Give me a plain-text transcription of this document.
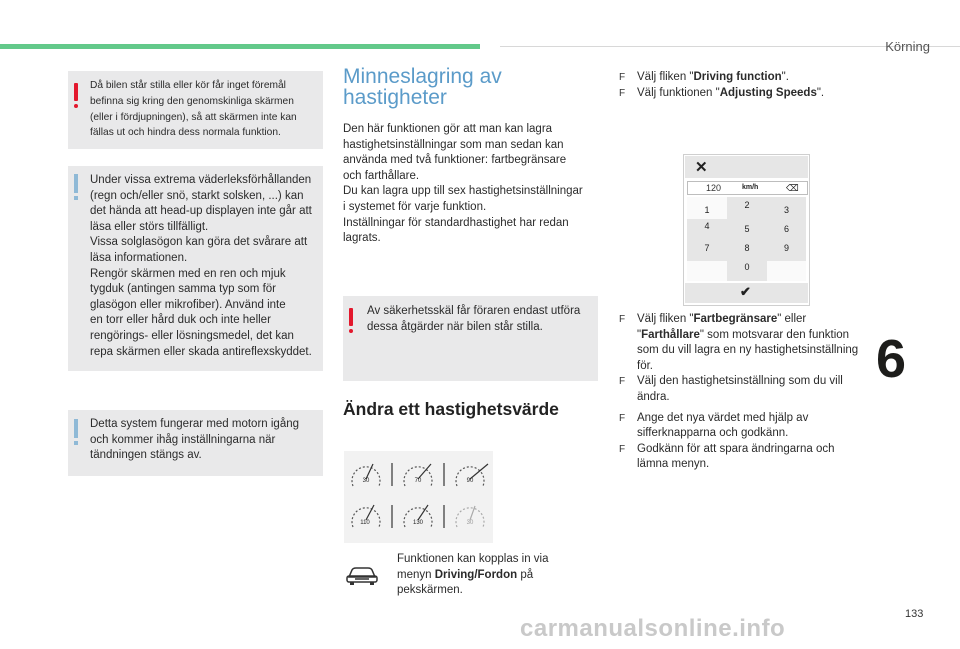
Körning

Då bilen står stilla eller kör får inget föremål befinna sig kring den genomskinliga skärmen (eller i fördjupningen), så att skärmen inte kan fällas ut och hindra dess normala funktion.

Under vissa extrema väderleksförhållanden
(regn och/eller snö, starkt solsken, ...) kan
det hända att head-up displayen inte går att
läsa eller störs tillfälligt.
Vissa solglasögon kan göra det svårare att
läsa informationen.
Rengör skärmen med en ren och mjuk
tygduk (antingen samma typ som för
glasögon eller mikrofiber). Använd inte
en torr eller hård duk och inte heller
rengörings- eller lösningsmedel, det kan
repa skärmen eller skada antireflexskyddet.
Detta system fungerar med motorn igång
och kommer ihåg inställningarna när
tändningen stängs av.
Minneslagring av
hastigheter
Den här funktionen gör att man kan lagra
hastighetsinställningar som man sedan kan
använda med två funktioner: fartbegränsare
och farthållare.
Du kan lagra upp till sex hastighetsinställningar
i systemet för varje funktion.
Inställningar för standardhastighet har redan
lagrats.
Av säkerhetsskäl får föraren endast utföra
dessa åtgärder när bilen står stilla.
Ändra ett hastighetsvärde
30	70	90
110	130	30
Funktionen kan kopplas in via
menyn Driving/Fordon på
pekskärmen.
F Välj fliken "Driving function".
F Välj funktionen "Adjusting Speeds".
✕
120	km/h	⌫
1	2	3
4	5	6
7	8	9
0
✔
F Välj fliken "Fartbegränsare" eller
"Farthållare" som motsvarar den funktion
som du vill lagra en ny hastighetsinställning
för.
F Välj den hastighetsinställning som du vill
ändra.
F Ange det nya värdet med hjälp av
sifferknapparna och godkänn.
F Godkänn för att spara ändringarna och
lämna menyn.
6
133
carmanualsonline.info
